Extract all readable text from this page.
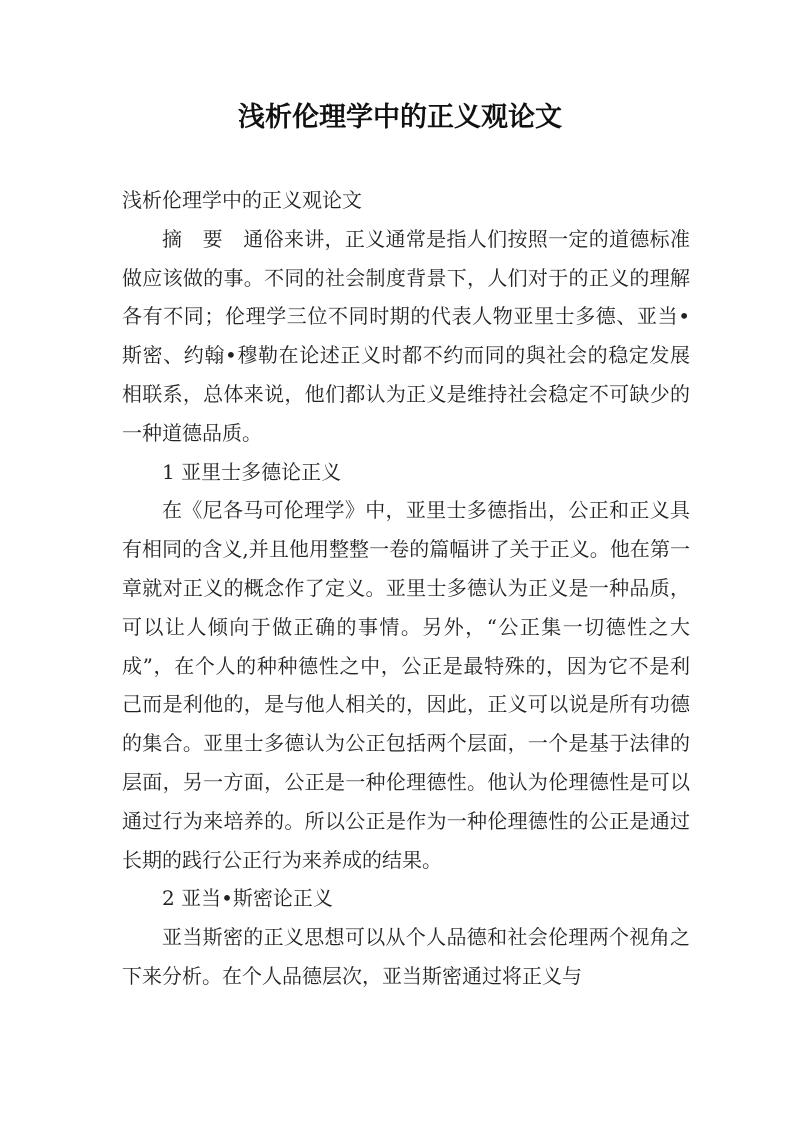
浅析伦理学中的正义观论文

浅析伦理学中的正义观论文

摘　要　通俗来讲，正义通常是指人们按照一定的道德标准做应该做的事。不同的社会制度背景下，人们对于的正义的理解各有不同；伦理学三位不同时期的代表人物亚里士多德、亚当•斯密、约翰•穆勒在论述正义时都不约而同的與社会的稳定发展相联系，总体来说，他们都认为正义是维持社会稳定不可缺少的一种道德品质。

1 亚里士多德论正义

在《尼各马可伦理学》中，亚里士多德指出，公正和正义具有相同的含义,并且他用整整一卷的篇幅讲了关于正义。他在第一章就对正义的概念作了定义。亚里士多德认为正义是一种品质，可以让人倾向于做正确的事情。另外，“公正集一切德性之大成”，在个人的种种德性之中，公正是最特殊的，因为它不是利己而是利他的，是与他人相关的，因此，正义可以说是所有功德的集合。亚里士多德认为公正包括两个层面，一个是基于法律的层面，另一方面，公正是一种伦理德性。他认为伦理德性是可以通过行为来培养的。所以公正是作为一种伦理德性的公正是通过长期的践行公正行为来养成的结果。

2 亚当•斯密论正义

亚当斯密的正义思想可以从个人品德和社会伦理两个视角之下来分析。在个人品德层次，亚当斯密通过将正义与
